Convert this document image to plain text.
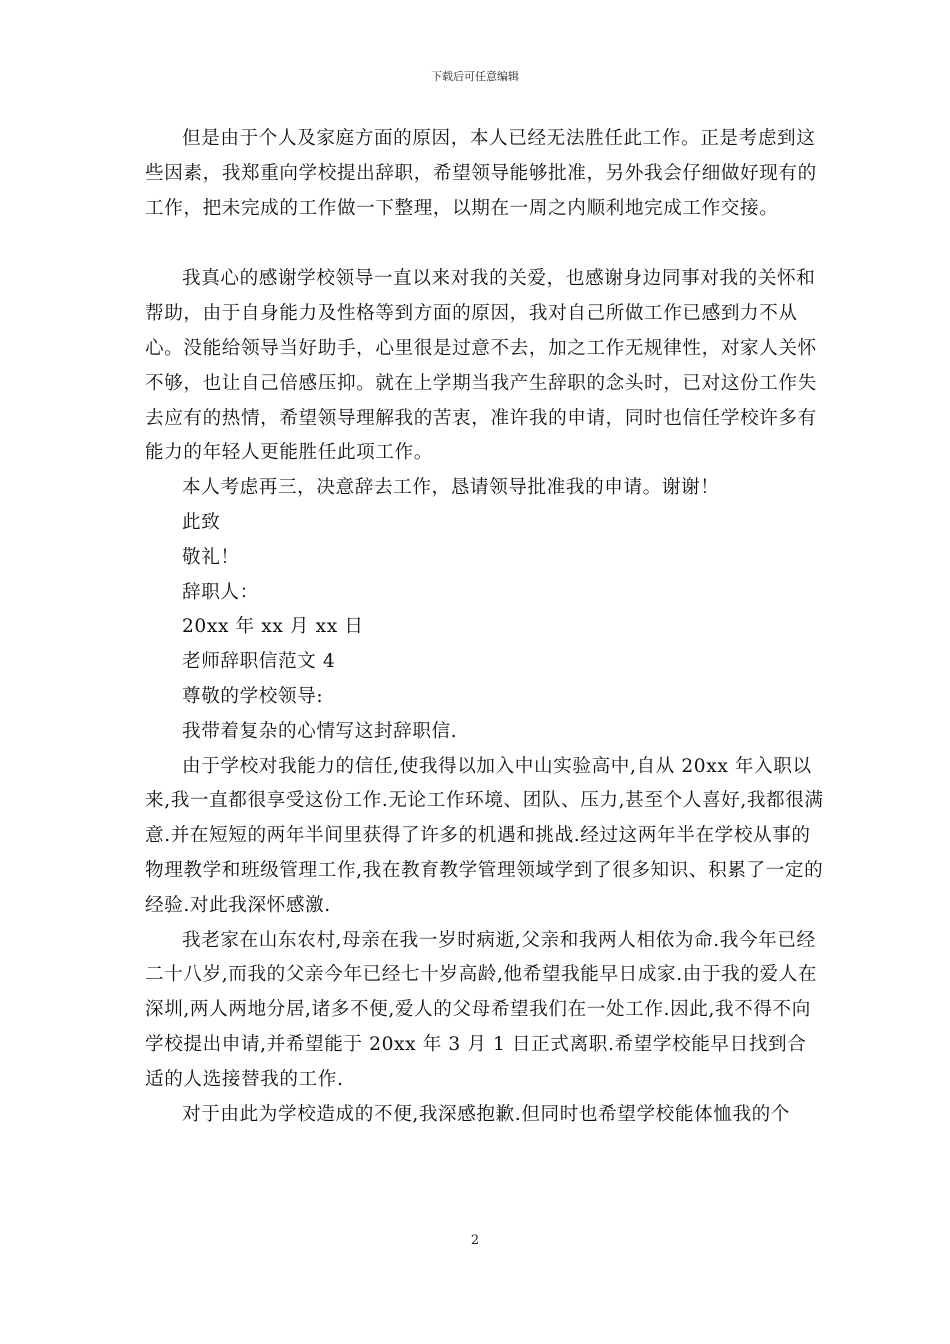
下载后可任意编辑

但是由于个人及家庭方面的原因，本人已经无法胜任此工作。正是考虑到这些因素，我郑重向学校提出辞职，希望领导能够批准，另外我会仔细做好现有的工作，把未完成的工作做一下整理，以期在一周之内顺利地完成工作交接。

我真心的感谢学校领导一直以来对我的关爱，也感谢身边同事对我的关怀和帮助，由于自身能力及性格等到方面的原因，我对自己所做工作已感到力不从心。没能给领导当好助手，心里很是过意不去，加之工作无规律性，对家人关怀不够，也让自己倍感压抑。就在上学期当我产生辞职的念头时，已对这份工作失去应有的热情，希望领导理解我的苦衷，准许我的申请，同时也信任学校许多有能力的年轻人更能胜任此项工作。

本人考虑再三，决意辞去工作，恳请领导批准我的申请。谢谢！

此致

敬礼！

辞职人：

20xx 年 xx 月 xx 日

老师辞职信范文 4

尊敬的学校领导:

我带着复杂的心情写这封辞职信.

由于学校对我能力的信任,使我得以加入中山实验高中,自从 20xx 年入职以来,我一直都很享受这份工作.无论工作环境、团队、压力,甚至个人喜好,我都很满意.并在短短的两年半间里获得了许多的机遇和挑战.经过这两年半在学校从事的物理教学和班级管理工作,我在教育教学管理领域学到了很多知识、积累了一定的经验.对此我深怀感激.

我老家在山东农村,母亲在我一岁时病逝,父亲和我两人相依为命.我今年已经二十八岁,而我的父亲今年已经七十岁高龄,他希望我能早日成家.由于我的爱人在深圳,两人两地分居,诸多不便,爱人的父母希望我们在一处工作.因此,我不得不向学校提出申请,并希望能于 20xx 年 3 月 1 日正式离职.希望学校能早日找到合适的人选接替我的工作.

对于由此为学校造成的不便,我深感抱歉.但同时也希望学校能体恤我的个

2
